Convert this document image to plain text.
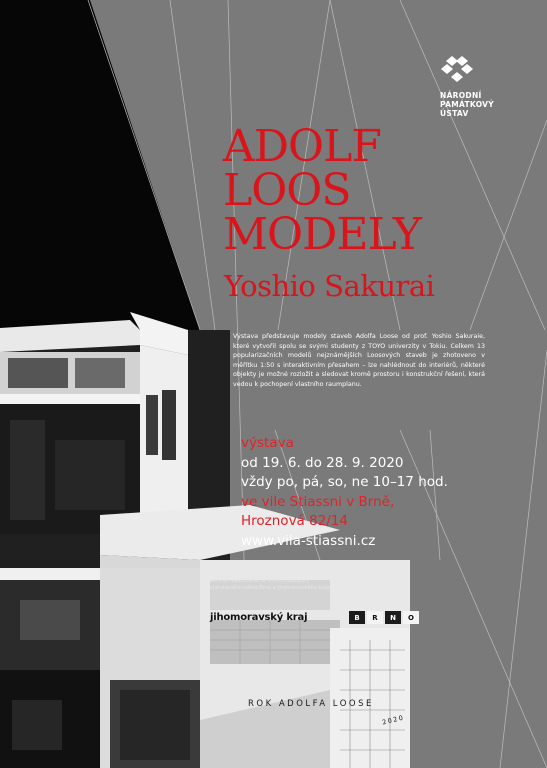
NÁRODNÍ
PAMÁTKOVÝ
ÚSTAV
ADOLF
LOOS
MODELY
Yoshio Sakurai

Výstava představuje modely staveb Adolfa Loose od prof. Yoshio Sakuraie, které vytvořil spolu se svými studenty z TOYO univerzity v Tokiu. Celkem 13 popularizačních modelů nejznámějších Loosových staveb je zhotoveno v měřítku 1:50 s interaktivním přesahem – lze nahlédnout do interiérů, některé objekty je možné rozložit a sledovat kromě prostoru i konstrukční řešení, která vedou k pochopení vlastního raumplanu.

výstava
od 19. 6. do 28. 9. 2020
vždy po, pá, so, ne 10–17 hod.
ve vile Stiassni v Brně,
Hroznová 82/14
www.vila-stiassni.cz
akce je realizována za finanční podpory
statutárního města Brna a Jihomoravského kraje
jihomoravský kraj	B	R	N	O
ROK ADOLFA LOOSE
2020
